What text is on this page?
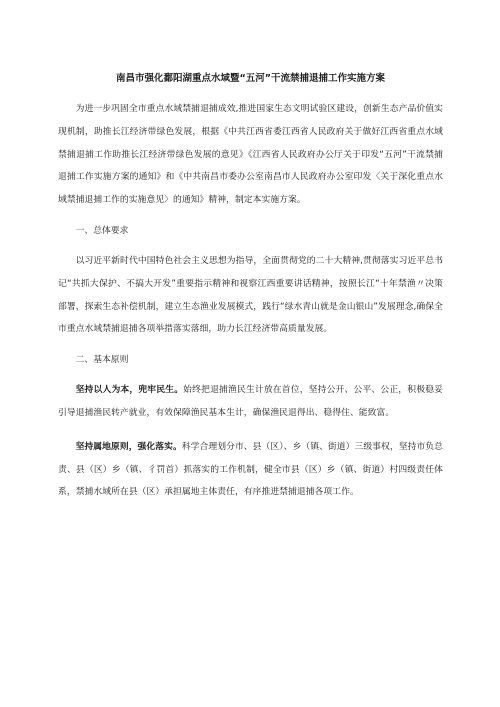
南昌市强化鄱阳湖重点水域暨“五河”干流禁捕退捕工作实施方案

为进一步巩固全市重点水域禁捕退捕成效,推进国家生态文明试验区建设，创新生态产品价值实现机制，助推长江经济带绿色发展，根据《中共江西省委江西省人民政府关于做好江西省重点水域禁捕退捕工作助推长江经济带绿色发展的意见》《江西省人民政府办公厅关于印发“五河”干流禁捕退捕工作实施方案的通知》和《中共南昌市委办公室南昌市人民政府办公室印发〈关于深化重点水域禁捕退捕工作的实施意见〉的通知》精神，制定本实施方案。

一、总体要求

以习近平新时代中国特色社会主义思想为指导，全面贯彻党的二十大精神,贯彻落实习近平总书记“共抓大保护、不搞大开发”重要指示精神和视察江西重要讲话精神，按照长江“十年禁渔〃决策部署，探索生态补偿机制，建立生态渔业发展模式，践行“绿水青山就是金山银山”发展理念,确保全市重点水域禁捕退捕各项举措落实落细，助力长江经济带高质量发展。

二、基本原则

坚持以人为本，兜牢民生。始终把退捕渔民生计放在首位，坚持公开、公平、公正，积极稳妥引导退捕渔民转产就业，有效保障渔民基本生计，确保渔民退得出、稳得住、能致富。

坚持属地原则，强化落实。科学合理划分市、县（区）、乡（镇、街道）三级事权，坚持市负总责、县（区）乡（镇、彳罚首）抓落实的工作机制，健全市县（区）乡（镇、街道）村四级责任体系，禁捕水域所在县（区）承担属地主体责任，有序推进禁捕退捕各项工作。
